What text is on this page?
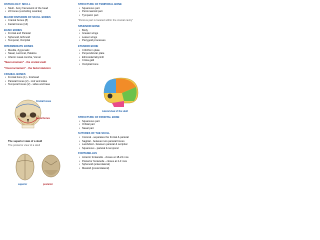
OSTEOLOGY: SKULL
• Skull - bony framework of the head
• 22 bones (excluding ossicles)
MAJOR DIVISIONS OF SKULL BONES
• Cranial bones (8)
• Facial bones (14)
BASIC BONES
• Frontal and Parietal
• Sphenoid, Ethmoid
• Temporal, Occipital
INTERMEDIATE BONES
• Maxilla, Zygomatic
• Nasal, Lacrimal, Palatine
• Inferior nasal concha, Vomer
"Neurocranium" - the cranial vault
"Viscerocranium" - the facial skeleton
CRANIAL BONES
• Frontal bone (1) - forehead
• Parietal bones (2) - roof and sides
• Temporal bones (2) - sides and base
Cranial bones
Facial bones
The superior view of a skull
The posterior view of a skull
superior	posterior
STRUCTURE OF TEMPORAL BONE
• Squamous part
• Petromastoid part
• Tympanic part
"Petrous part is located within the cranial cavity"
SPHENOID BONE
• Body
• Greater wings
• Lesser wings
• Pterygoid processes
ETHMOID BONE
• Cribriform plate
• Perpendicular plate
• Ethmoidal labyrinth
• Crista galli
• Occipital bone
Lateral view of the skull
STRUCTURE OF FRONTAL BONE
• Squamous part
• Orbital part
• Nasal part
SUTURES OF THE SKULL
• Coronal - separates the frontal & parietal
• Sagittal - between two parietal bones
• Lambdoid - between parietal & occipital
• Squamous - parietal & temporal
FONTANELLES
• Anterior fontanelle - closes at 18-24 mos
• Posterior fontanelle - closes at 2-3 mos
• Sphenoid (anterolateral)
• Mastoid (posterolateral)
